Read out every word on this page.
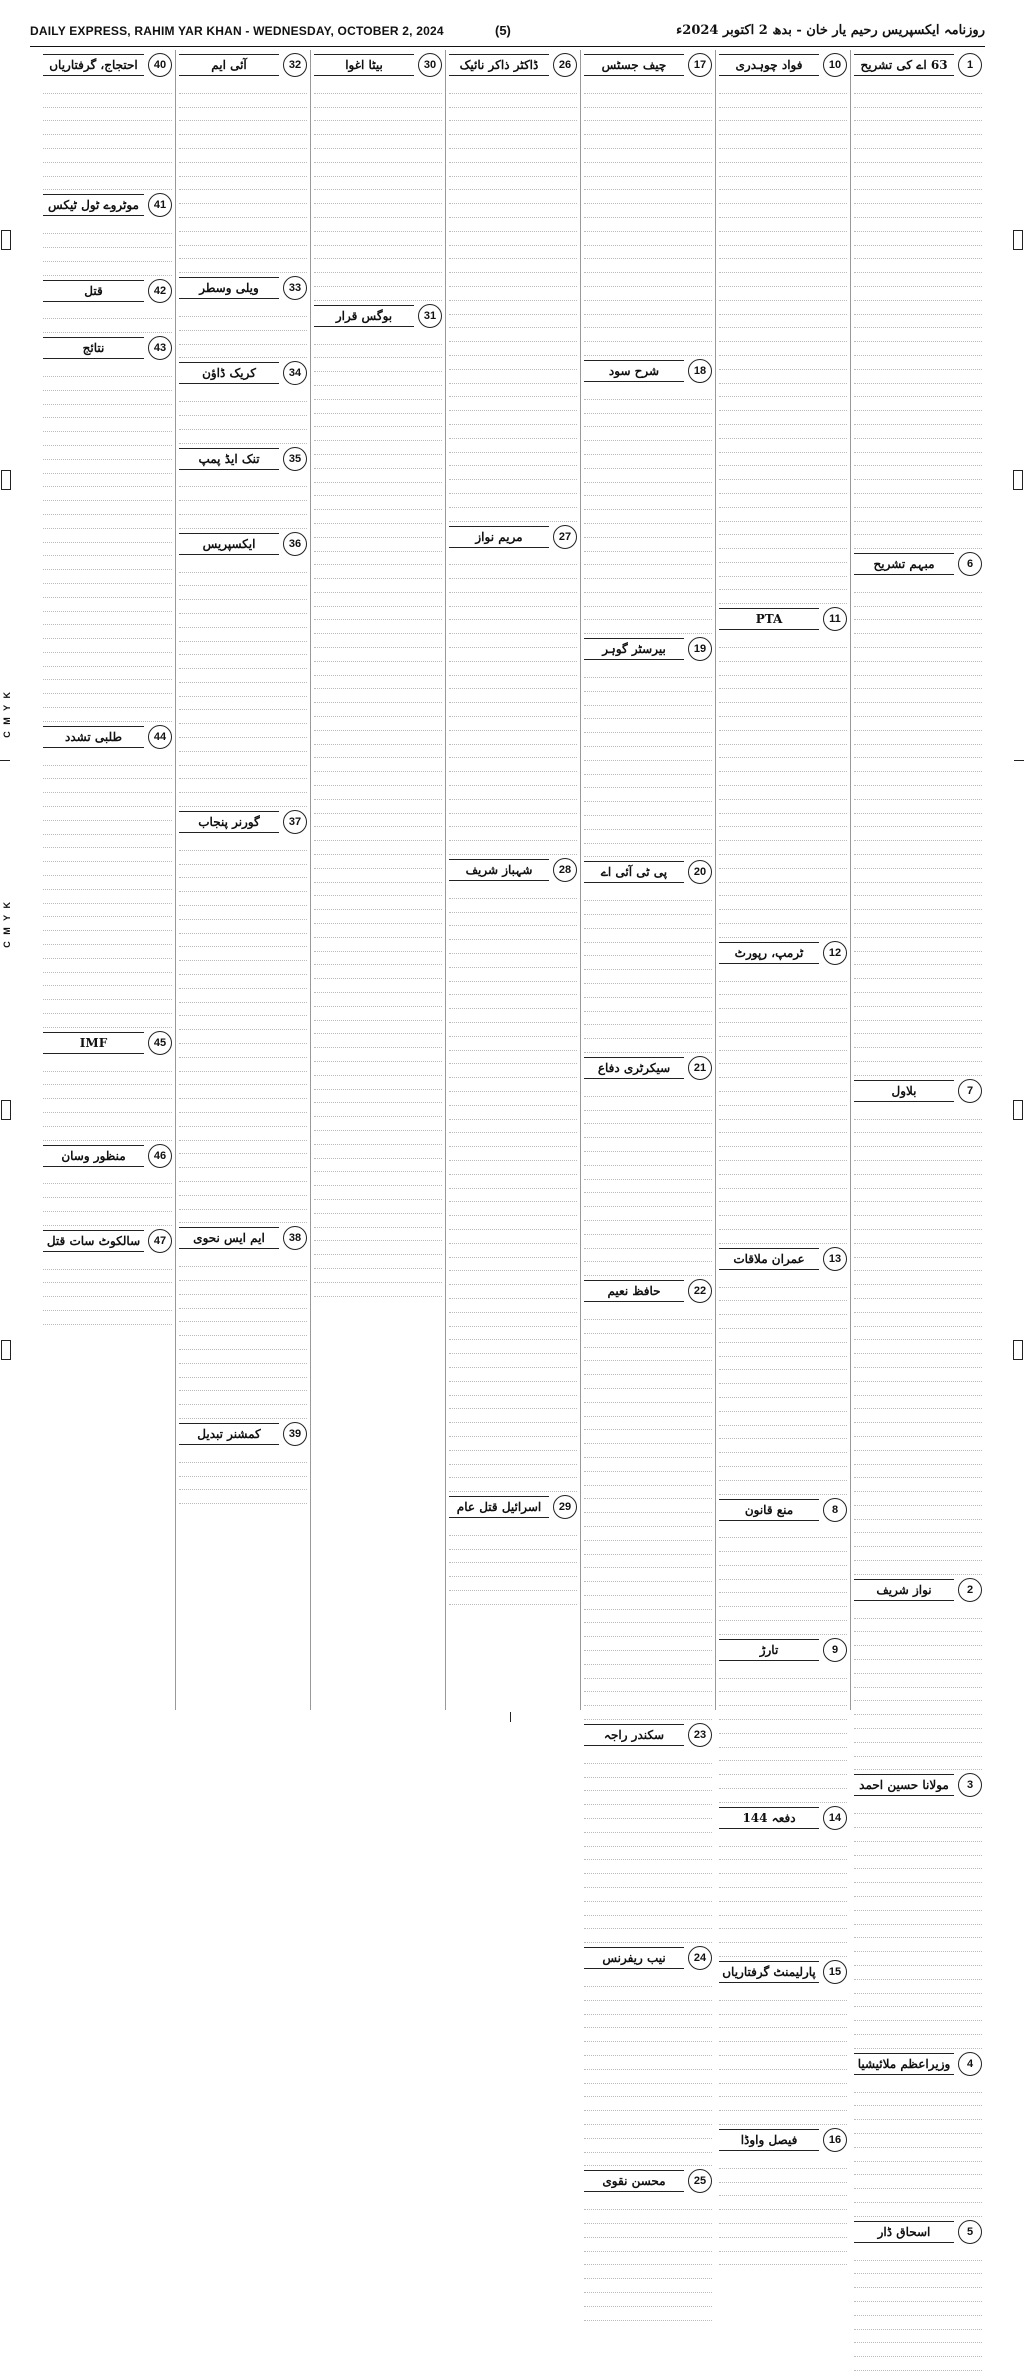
DAILY EXPRESS, RAHIM YAR KHAN - WEDNESDAY, OCTOBER 2, 2024	(5)	روزنامہ ایکسپریس رحیم یار خان - بدھ 2 اکتوبر 2024ء
1
63 اے کی تشریح
6
مبہم تشریح
7
بلاول
2
نواز شریف
3
مولانا حسین احمد
4
وزیراعظم ملائیشیا
5
اسحاق ڈار
10
فواد چوہدری
11
PTA
12
ٹرمپ، رپورٹ
13
عمران ملاقات
8
منع قانون
9
تارڑ
14
دفعہ 144
15
پارلیمنٹ گرفتاریاں
16
فیصل واوڈا
17
چیف جسٹس
18
شرح سود
19
بیرسٹر گوہر
20
پی ٹی آئی اے
21
سیکرٹری دفاع
22
حافظ نعیم
23
سکندر راجہ
24
نیب ریفرنس
25
محسن نقوی
26
ڈاکٹر ذاکر نائیک
27
مریم نواز
28
شہباز شریف
29
اسرائیل قتل عام
30
بیٹا اغوا
31
بوگس قرار
32
آئی ایم
33
ویلی وسطر
34
کریک ڈاؤن
35
تنک ایڈ پمپ
36
ایکسپریس
37
گورنر پنجاب
38
ایم ایس نحوی
39
کمشنر تبدیل
40
احتجاج، گرفتاریاں
41
موٹروے ٹول ٹیکس
42
قتل
43
نتائج
44
طلبی تشدد
45
IMF
46
منظور وسان
47
سالکوٹ سات قتل
C M Y K
C M Y K
